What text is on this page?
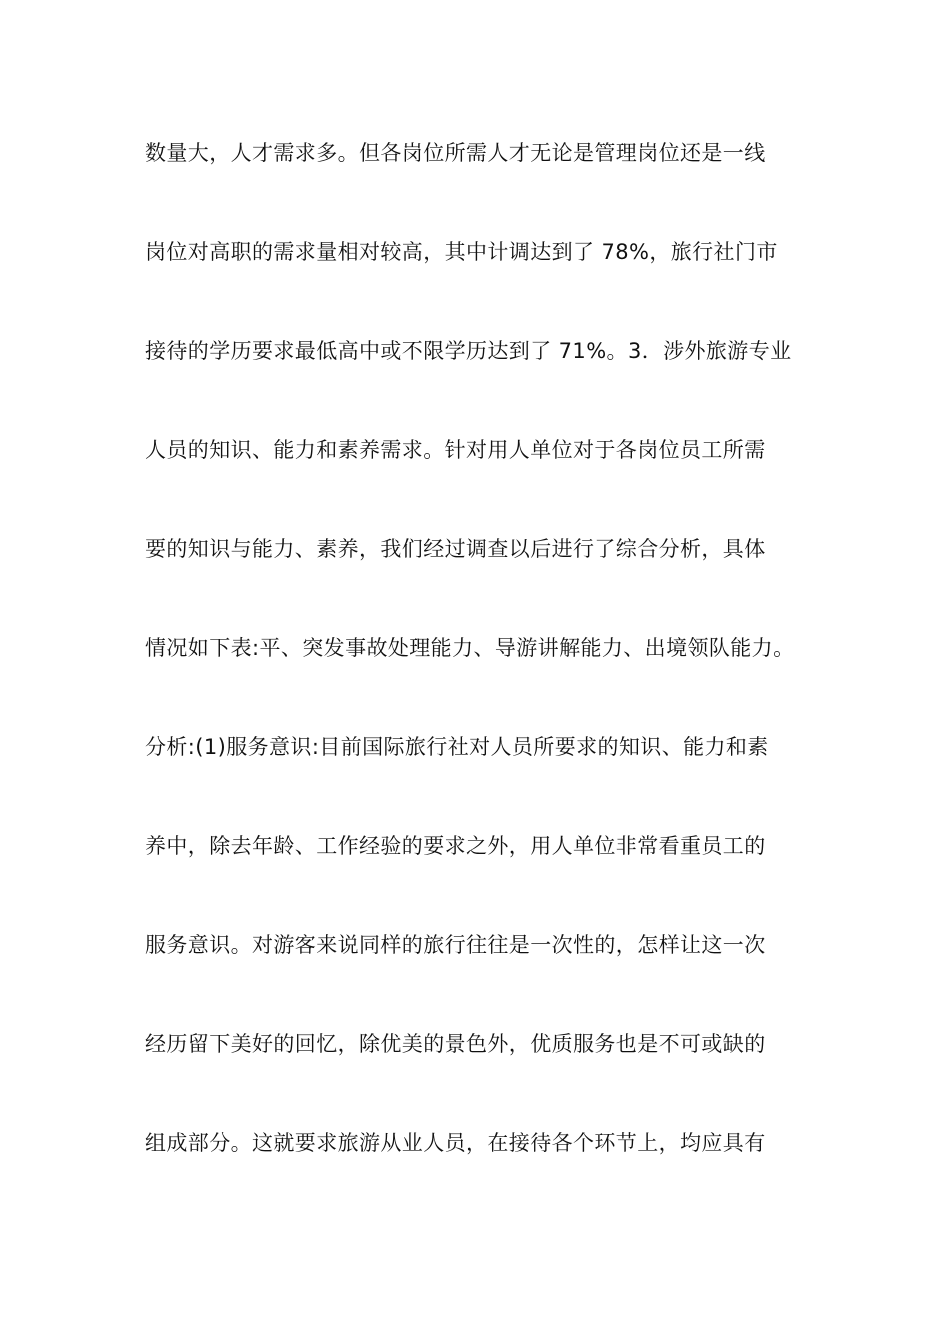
数量大，人才需求多。但各岗位所需人才无论是管理岗位还是一线
岗位对高职的需求量相对较高，其中计调达到了 78%，旅行社门市
接待的学历要求最低高中或不限学历达到了 71%。3．涉外旅游专业
人员的知识、能力和素养需求。针对用人单位对于各岗位员工所需
要的知识与能力、素养，我们经过调查以后进行了综合分析，具体
情况如下表:平、突发事故处理能力、导游讲解能力、出境领队能力。
分析:(1)服务意识:目前国际旅行社对人员所要求的知识、能力和素
养中，除去年龄、工作经验的要求之外，用人单位非常看重员工的
服务意识。对游客来说同样的旅行往往是一次性的，怎样让这一次
经历留下美好的回忆，除优美的景色外，优质服务也是不可或缺的
组成部分。这就要求旅游从业人员，在接待各个环节上，均应具有
